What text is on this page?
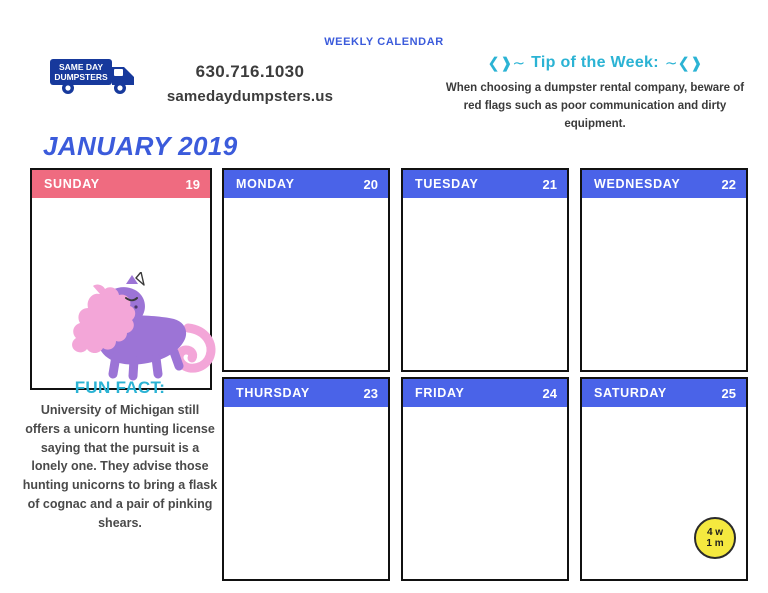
WEEKLY CALENDAR
SAME DAY
DUMPSTERS	630.716.1030
samedaydumpsters.us
❮❱∼ Tip of the Week: ∼❮❱
When choosing a dumpster rental company, beware of red flags such as poor communication and dirty equipment.
JANUARY 2019
SUNDAY	19	MONDAY	20	TUESDAY	21	WEDNESDAY	22
THURSDAY	23	FRIDAY	24	SATURDAY	25
FUN FACT:
University of Michigan still offers a unicorn hunting license saying that the pursuit is a lonely one. They advise those hunting unicorns to bring a flask of cognac and a pair of pinking shears.
4 w
1 m
